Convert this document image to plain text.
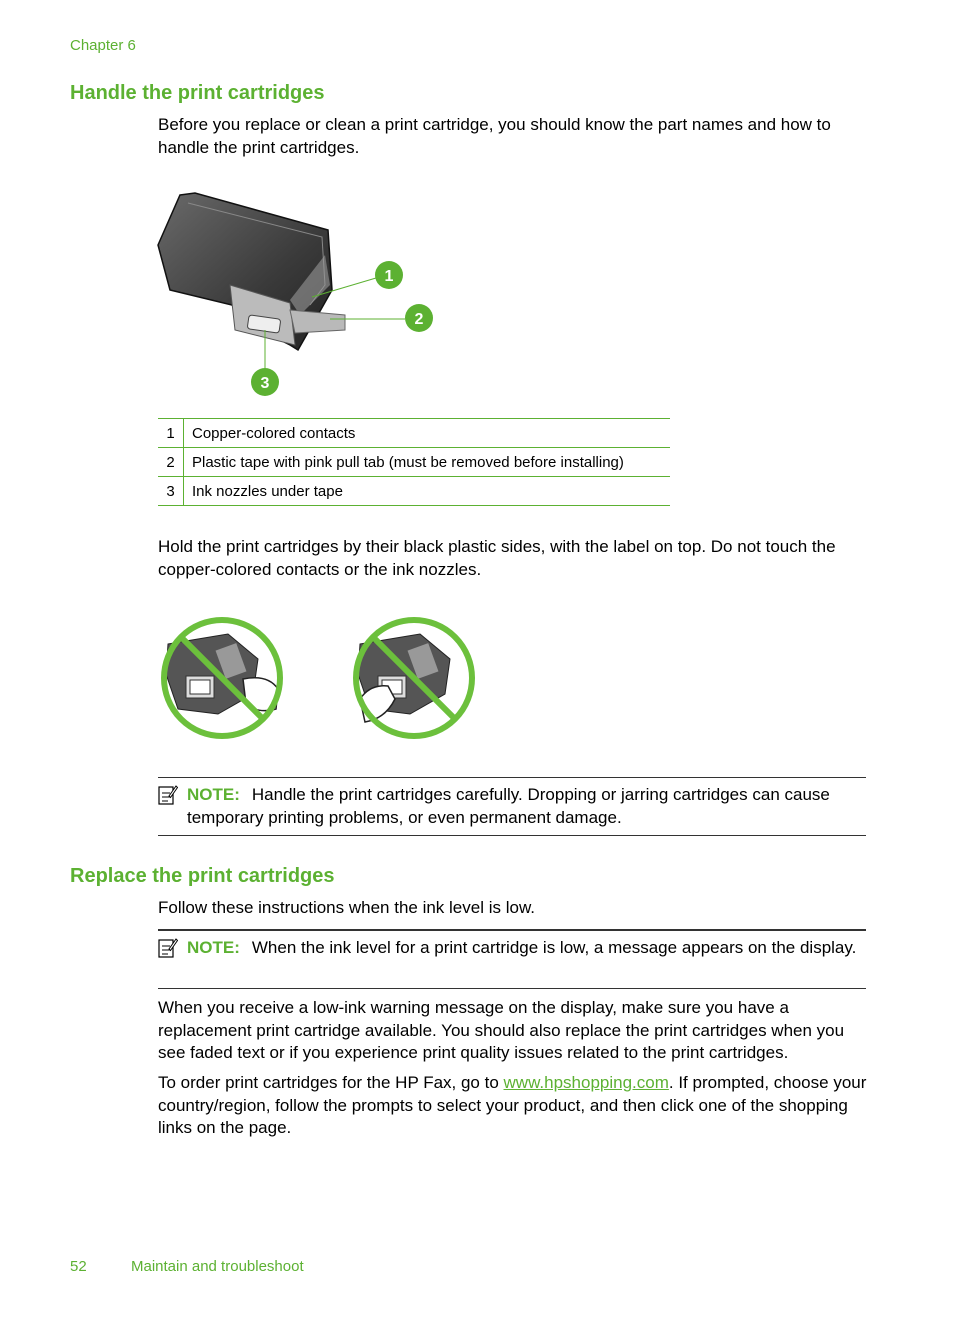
Chapter 6
Handle the print cartridges

Before you replace or clean a print cartridge, you should know the part names and how to handle the print cartridges.

1
2
3
1	Copper-colored contacts
2	Plastic tape with pink pull tab (must be removed before installing)
3	Ink nozzles under tape

Hold the print cartridges by their black plastic sides, with the label on top. Do not touch the copper-colored contacts or the ink nozzles.

NOTE: Handle the print cartridges carefully. Dropping or jarring cartridges can cause temporary printing problems, or even permanent damage.
Replace the print cartridges

Follow these instructions when the ink level is low.

NOTE: When the ink level for a print cartridge is low, a message appears on the display.

When you receive a low-ink warning message on the display, make sure you have a replacement print cartridge available. You should also replace the print cartridges when you see faded text or if you experience print quality issues related to the print cartridges.

To order print cartridges for the HP Fax, go to www.hpshopping.com. If prompted, choose your country/region, follow the prompts to select your product, and then click one of the shopping links on the page.

52	Maintain and troubleshoot
